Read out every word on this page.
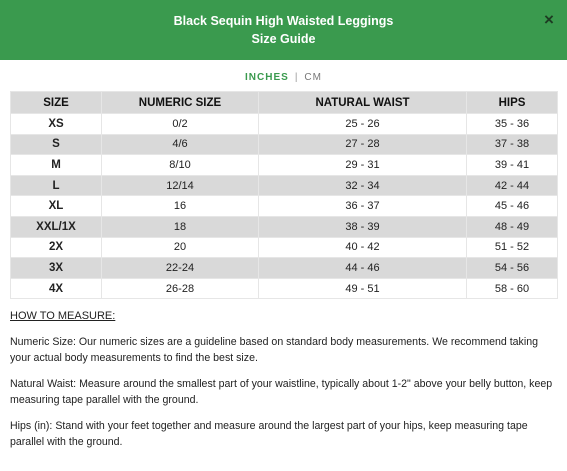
Black Sequin High Waisted Leggings
Size Guide
×
INCHES | CM
SIZE	NUMERIC SIZE	NATURAL WAIST	HIPS
XS	0/2	25 - 26	35 - 36
S	4/6	27 - 28	37 - 38
M	8/10	29 - 31	39 - 41
L	12/14	32 - 34	42 - 44
XL	16	36 - 37	45 - 46
XXL/1X	18	38 - 39	48 - 49
2X	20	40 - 42	51 - 52
3X	22-24	44 - 46	54 - 56
4X	26-28	49 - 51	58 - 60
HOW TO MEASURE:
Numeric Size: Our numeric sizes are a guideline based on standard body measurements. We recommend taking your actual body measurements to find the best size.
Natural Waist: Measure around the smallest part of your waistline, typically about 1-2" above your belly button, keep measuring tape parallel with the ground.
Hips (in): Stand with your feet together and measure around the largest part of your hips, keep measuring tape parallel with the ground.
